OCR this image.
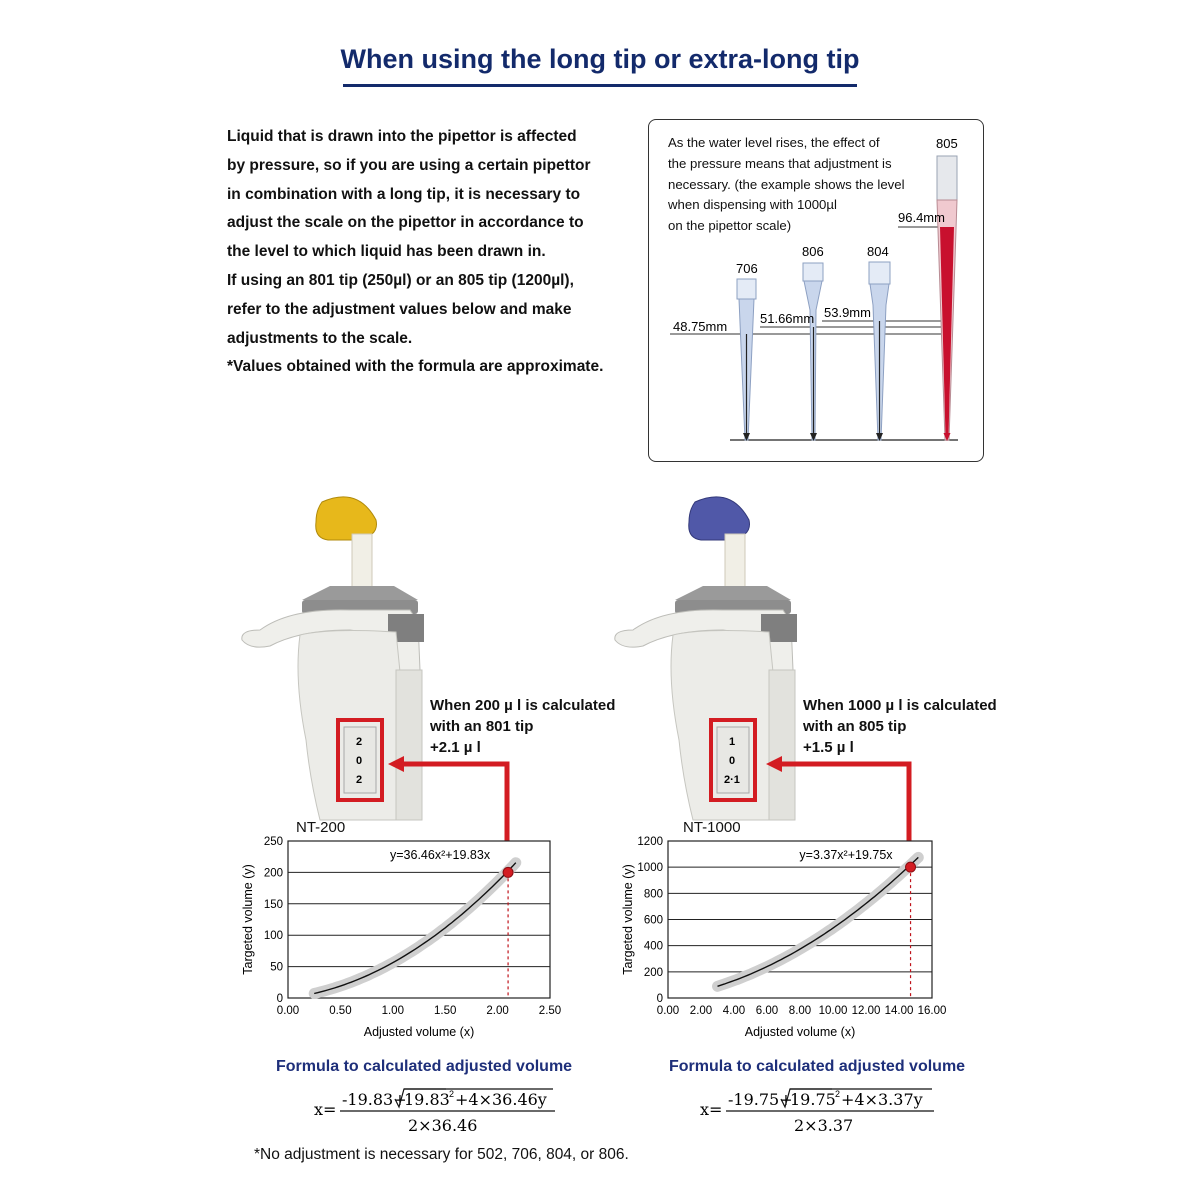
When using the long tip or extra-long tip

Liquid that is drawn into the pipettor is affected

by pressure, so if you are using a certain pipettor

in combination with a long tip, it is necessary to

adjust the scale on the pipettor in accordance to

the level to which liquid has been drawn in.

If using an 801 tip (250µl) or an 805 tip (1200µl),

refer to the adjustment values below and make

adjustments to the scale.

*Values obtained with the formula are approximate.

As the water level rises, the effect of
the pressure means that adjustment is
necessary. (the example shows the level
when dispensing with 1000µl
on the pipettor scale)
706
806	804
805
48.75mm
51.66mm 53.9mm
96.4mm
2
0
2
1
0
2·1
When 200 µ l is calculated
with an 801 tip
+2.1 µ l
When 1000 µ l is calculated
with an 805 tip
+1.5 µ l
NT-200	NT-1000
0
50
100
150
200
250
0.00	0.50	1.00	1.50	2.00	2.50
y=36.46x²+19.83x
Adjusted volume (x)
Targeted volume (y)
0
200
400
600
800
1000
1200
0.00 2.00 4.00 6.00 8.00 10.00 12.00 14.00 16.00
y=3.37x²+19.75x
Adjusted volume (x)
Targeted volume (y)
Formula to calculated adjusted volume	Formula to calculated adjusted volume
x=
-19.83+
19.83 2 +4×36.46y
2×36.46
x=
-19.75+
19.75 2 +4×3.37y
2×3.37
*No adjustment is necessary for 502, 706, 804, or 806.
